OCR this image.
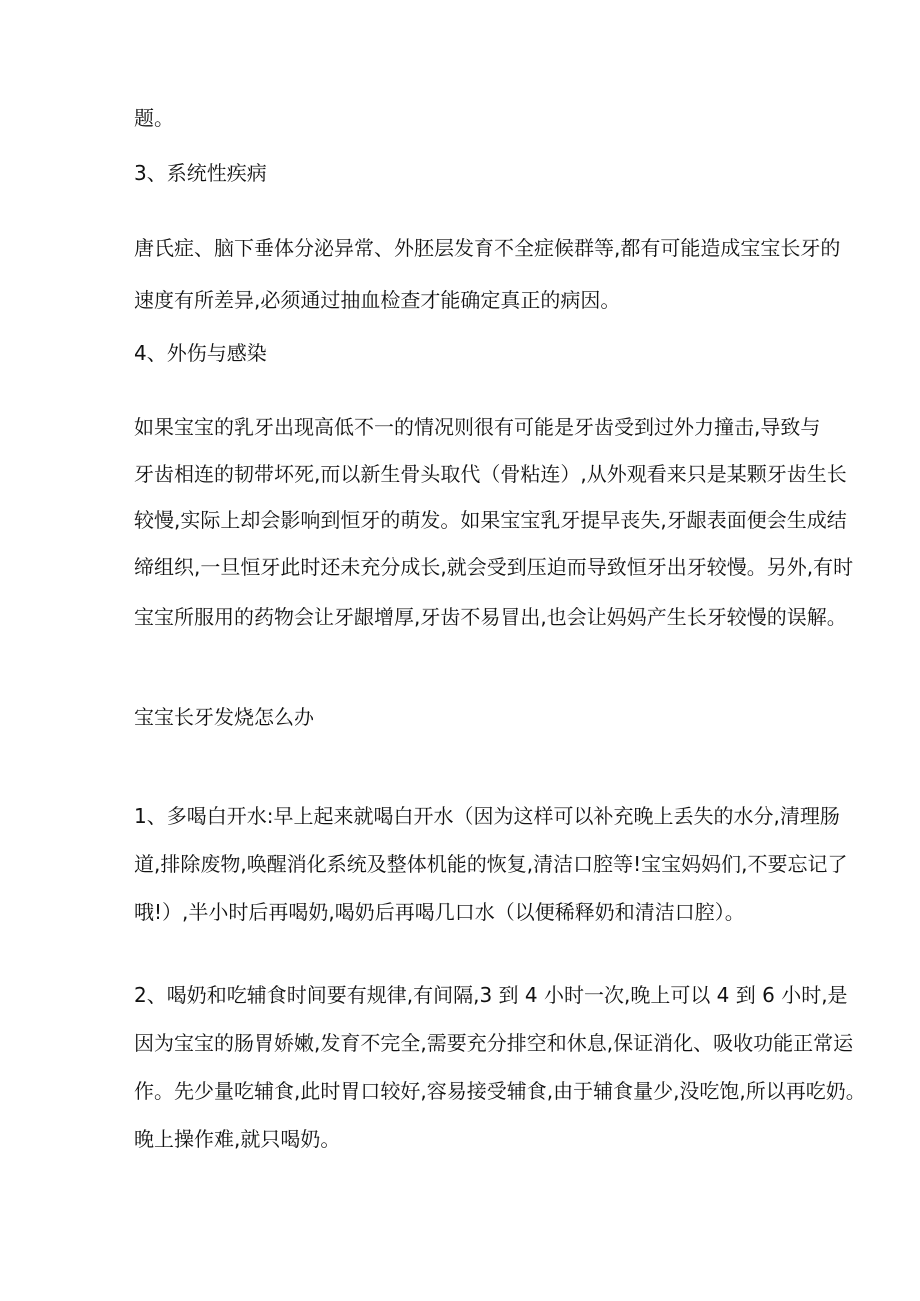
题。
3、系统性疾病
唐氏症、脑下垂体分泌异常、外胚层发育不全症候群等,都有可能造成宝宝长牙的
速度有所差异,必须通过抽血检查才能确定真正的病因。
4、外伤与感染
如果宝宝的乳牙出现高低不一的情况则很有可能是牙齿受到过外力撞击,导致与
牙齿相连的韧带坏死,而以新生骨头取代（骨粘连）,从外观看来只是某颗牙齿生长
较慢,实际上却会影响到恒牙的萌发。如果宝宝乳牙提早丧失,牙龈表面便会生成结
缔组织,一旦恒牙此时还未充分成长,就会受到压迫而导致恒牙出牙较慢。另外,有时
宝宝所服用的药物会让牙龈增厚,牙齿不易冒出,也会让妈妈产生长牙较慢的误解。
宝宝长牙发烧怎么办
1、多喝白开水:早上起来就喝白开水（因为这样可以补充晚上丢失的水分,清理肠
道,排除废物,唤醒消化系统及整体机能的恢复,清洁口腔等!宝宝妈妈们,不要忘记了
哦!）,半小时后再喝奶,喝奶后再喝几口水（以便稀释奶和清洁口腔）。
2、喝奶和吃辅食时间要有规律,有间隔,3 到 4 小时一次,晚上可以 4 到 6 小时,是
因为宝宝的肠胃娇嫩,发育不完全,需要充分排空和休息,保证消化、吸收功能正常运
作。先少量吃辅食,此时胃口较好,容易接受辅食,由于辅食量少,没吃饱,所以再吃奶。
晚上操作难,就只喝奶。
